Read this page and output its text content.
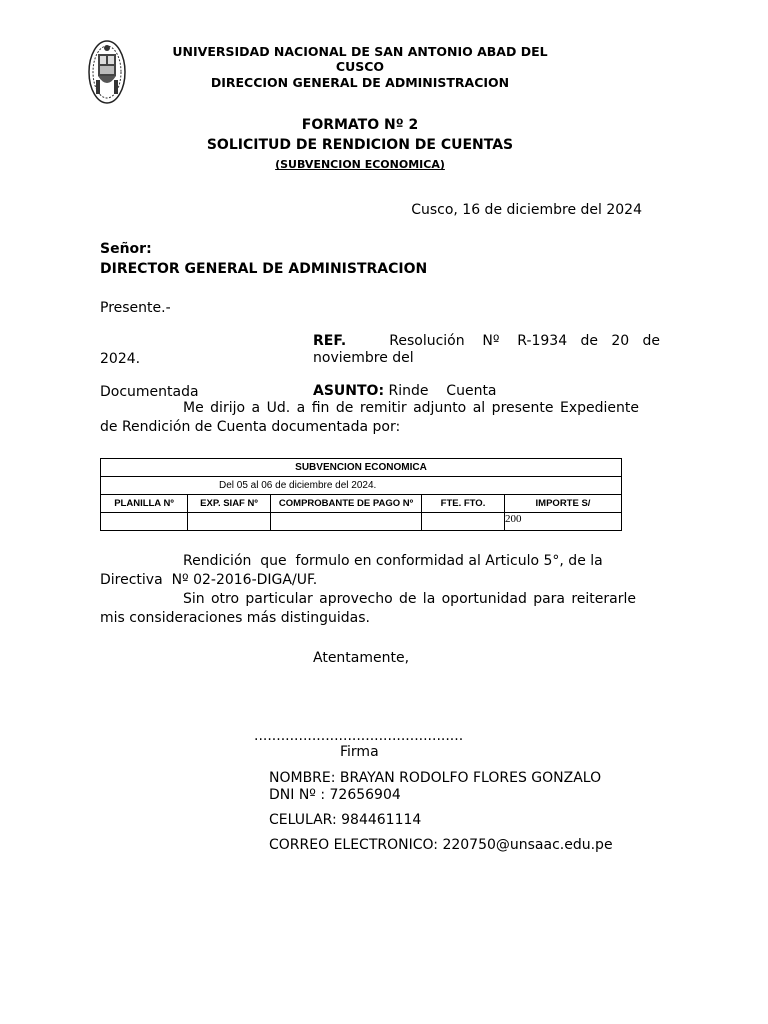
UNIVERSIDAD NACIONAL DE SAN ANTONIO ABAD DEL
CUSCO
DIRECCION GENERAL DE ADMINISTRACION
FORMATO Nº 2
SOLICITUD DE RENDICION DE CUENTAS
(SUBVENCION ECONOMICA)
Cusco, 16 de diciembre del 2024
Señor:
DIRECTOR GENERAL DE ADMINISTRACION
Presente.-
REF.	Resolución    Nº    R-1934   de   20   de
noviembre del
2024.
Documentada	ASUNTO: Rinde    Cuenta
Me dirijo a Ud. a fin de remitir adjunto al presente Expediente
de Rendición de Cuenta documentada por:
SUBVENCION ECONOMICA				
Del 05 al 06 de diciembre del 2024.				
PLANILLA Nº	EXP. SIAF Nº	COMPROBANTE DE PAGO Nº	FTE. FTO.	IMPORTE S/
				200
Rendición  que  formulo en conformidad al Articulo 5°, de la
Directiva  Nº 02-2016-DIGA/UF.
Sin otro particular aprovecho de la oportunidad para reiterarle
mis consideraciones más distinguidas.
Atentamente,
...............................................
Firma
NOMBRE: BRAYAN RODOLFO FLORES GONZALO
DNI Nº : 72656904
CELULAR: 984461114
CORREO ELECTRONICO: 220750@unsaac.edu.pe
